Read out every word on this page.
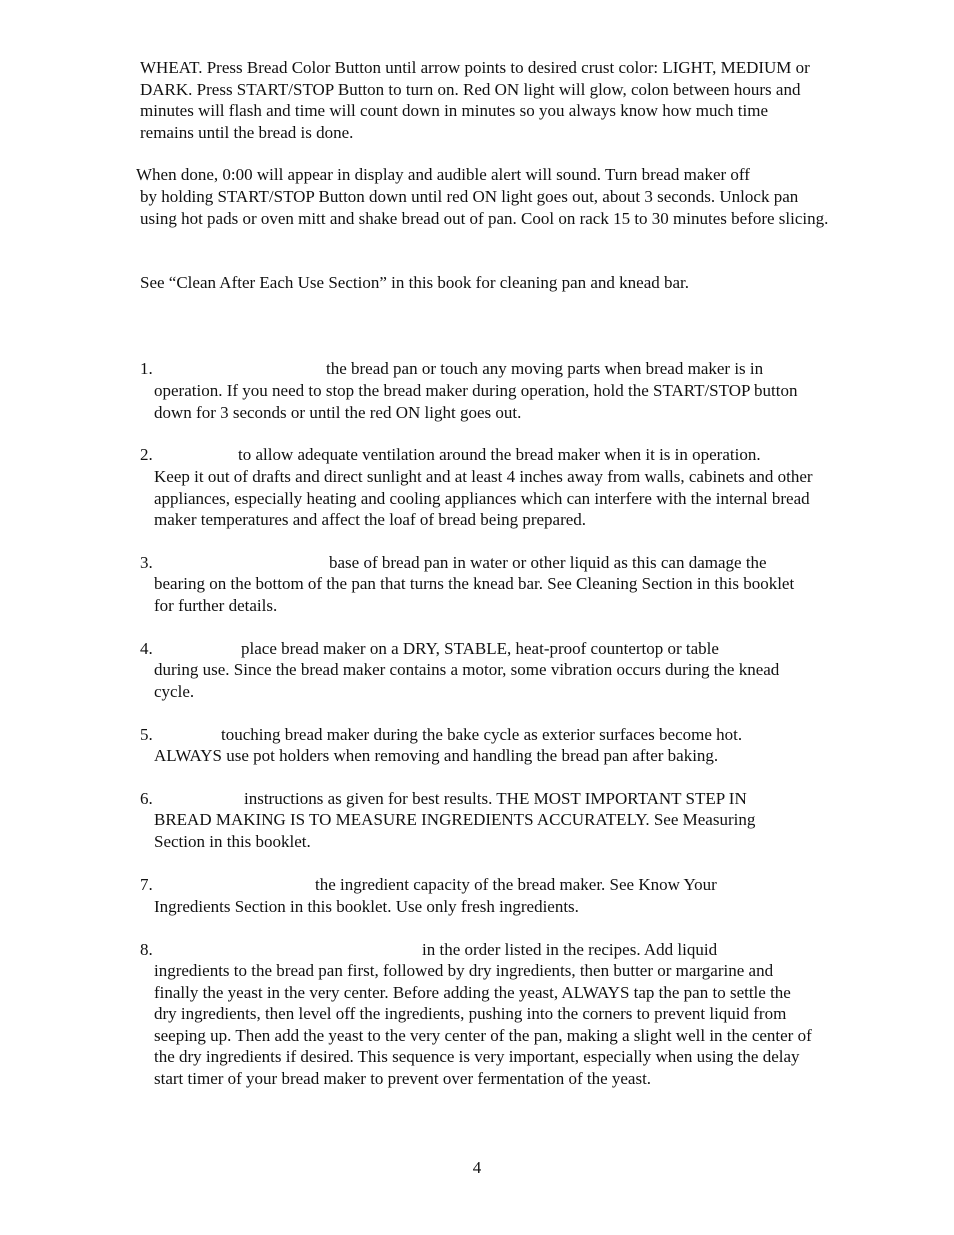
WHEAT. Press Bread Color Button until arrow points to desired crust color: LIGHT, MEDIUM or DARK. Press START/STOP Button to turn on. Red ON light will glow, colon between hours and minutes will flash and time will count down in minutes so you always know how much time remains until the bread is done.
When done, 0:00 will appear in display and audible alert will sound. Turn bread maker off
by holding START/STOP Button down until red ON light goes out, about 3 seconds. Unlock pan using hot pads or oven mitt and shake bread out of pan. Cool on rack 15 to 30 minutes before slicing.
See “Clean After Each Use Section” in this book for cleaning pan and knead bar.
1.	the bread pan or touch any moving parts when bread maker is in
operation. If you need to stop the bread maker during operation, hold the START/STOP button down for 3 seconds or until the red ON light goes out.
2.	to allow adequate ventilation around the bread maker when it is in operation.
Keep it out of drafts and direct sunlight and at least 4 inches away from walls, cabinets and other appliances, especially heating and cooling appliances which can interfere with the internal bread maker temperatures and affect the loaf of bread being prepared.
3.	base of bread pan in water or other liquid as this can damage the
bearing on the bottom of the pan that turns the knead bar. See Cleaning Section in this booklet for further details.
4.	place bread maker on a DRY, STABLE, heat-proof countertop or table
during use. Since the bread maker contains a motor, some vibration occurs during the knead cycle.
5.	touching bread maker during the bake cycle as exterior surfaces become hot.
ALWAYS use pot holders when removing and handling the bread pan after baking.
6.	instructions as given for best results. THE MOST IMPORTANT STEP IN
BREAD MAKING IS TO MEASURE INGREDIENTS ACCURATELY. See Measuring Section in this booklet.
7.	the ingredient capacity of the bread maker. See Know Your
Ingredients Section in this booklet. Use only fresh ingredients.
8.	in the order listed in the recipes. Add liquid
ingredients to the bread pan first, followed by dry ingredients, then butter or margarine and finally the yeast in the very center. Before adding the yeast, ALWAYS tap the pan to settle the dry ingredients, then level off the ingredients, pushing into the corners to prevent liquid from seeping up. Then add the yeast to the very center of the pan, making a slight well in the center of the dry ingredients if desired. This sequence is very important, especially when using the delay start timer of your bread maker to prevent over fermentation of the yeast.
4
